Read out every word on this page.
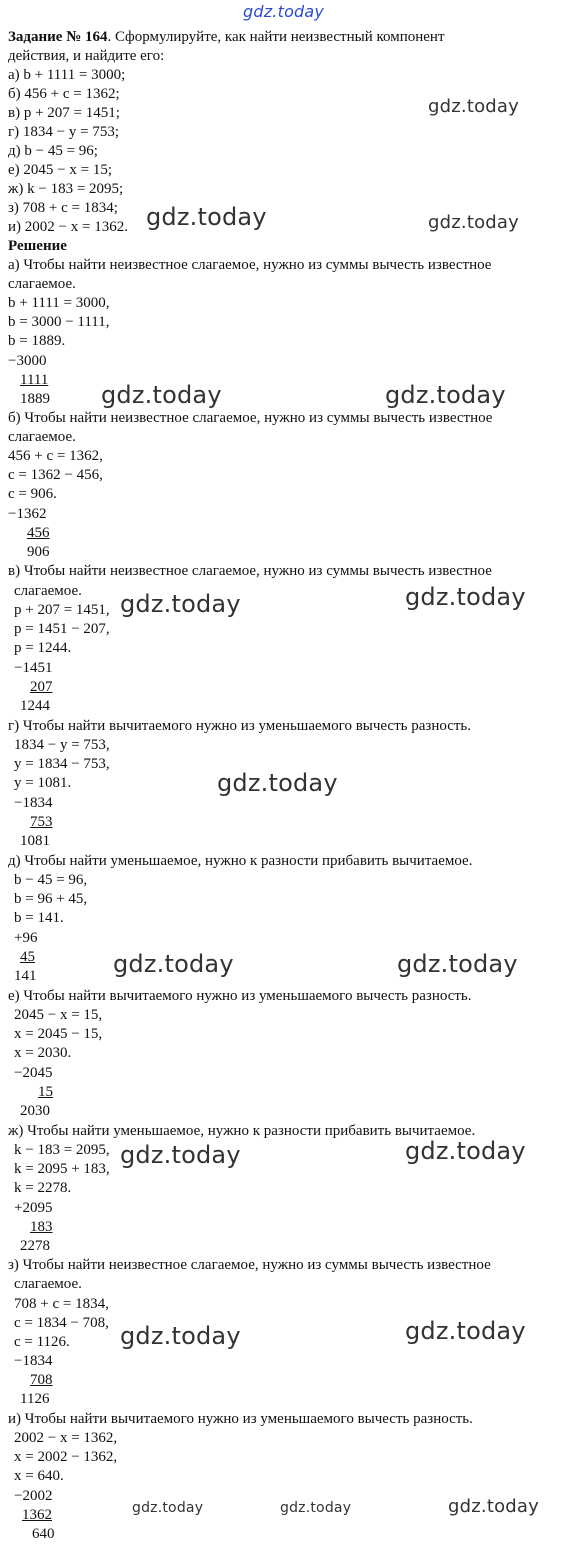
gdz.today
gdz.today
gdz.today	gdz.today
gdz.today	gdz.today
gdz.today	gdz.today
gdz.today
gdz.today	gdz.today
gdz.today	gdz.today
gdz.today	gdz.today
gdz.today	gdz.today	gdz.today
Задание № 164. Сформулируйте, как найти неизвестный компонент
действия, и найдите его:
а) b + 1111 = 3000;
б) 456 + с = 1362;
в) р + 207 = 1451;
г) 1834 − у = 753;
д) b − 45 = 96;
е) 2045 − х = 15;
ж) k − 183 = 2095;
з) 708 + с = 1834;
и) 2002 − х = 1362.
Решение
а) Чтобы найти неизвестное слагаемое, нужно из суммы вычесть известное
слагаемое.
b + 1111 = 3000,
b = 3000 − 1111,
b = 1889.
−3000
1111
1889
б) Чтобы найти неизвестное слагаемое, нужно из суммы вычесть известное
слагаемое.
456 + с = 1362,
с = 1362 − 456,
с = 906.
−1362
456
906
в) Чтобы найти неизвестное слагаемое, нужно из суммы вычесть известное
слагаемое.
р + 207 = 1451,
р = 1451 − 207,
р = 1244.
−1451
207
1244
г) Чтобы найти вычитаемого нужно из уменьшаемого вычесть разность.
1834 − у = 753,
у = 1834 − 753,
у = 1081.
−1834
753
1081
д) Чтобы найти уменьшаемое, нужно к разности прибавить вычитаемое.
b − 45 = 96,
b = 96 + 45,
b = 141.
+96
45
141
е) Чтобы найти вычитаемого нужно из уменьшаемого вычесть разность.
2045 − х = 15,
х = 2045 − 15,
х = 2030.
−2045
15
2030
ж) Чтобы найти уменьшаемое, нужно к разности прибавить вычитаемое.
k − 183 = 2095,
k = 2095 + 183,
k = 2278.
+2095
183
2278
з) Чтобы найти неизвестное слагаемое, нужно из суммы вычесть известное
слагаемое.
708 + с = 1834,
с = 1834 − 708,
с = 1126.
−1834
708
1126
и) Чтобы найти вычитаемого нужно из уменьшаемого вычесть разность.
2002 − х = 1362,
х = 2002 − 1362,
х = 640.
−2002
1362
640
